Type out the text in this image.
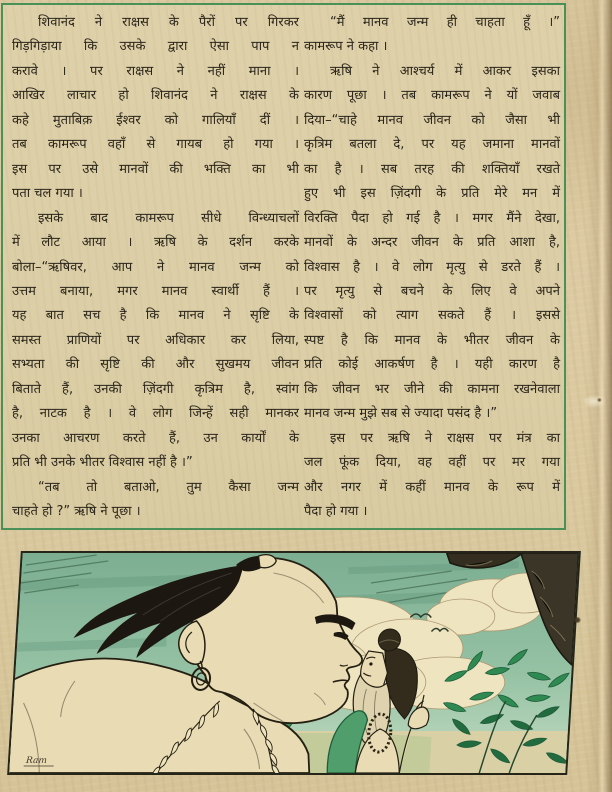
शिवानंद ने राक्षस के पैरों पर गिरकर
गिड़गिड़ाया कि उसके द्वारा ऐसा पाप न
करावे । पर राक्षस ने नहीं माना ।
आखिर लाचार हो शिवानंद ने राक्षस के
कहे मुताबिक़ ईश्वर को गालियाँ दीं ।
तब कामरूप वहाँ से गायब हो गया ।
इस पर उसे मानवों की भक्ति का भी
पता चल गया ।
इसके बाद कामरूप सीधे विन्ध्याचलों
में लौट आया । ऋषि के दर्शन करके
बोला–“ऋषिवर, आप ने मानव जन्म को
उत्तम बनाया, मगर मानव स्वार्थी हैं ।
यह बात सच है कि मानव ने सृष्टि के
समस्त प्राणियों पर अधिकार कर लिया,
सभ्यता की सृष्टि की और सुखमय जीवन
बिताते हैं, उनकी ज़िंदगी कृत्रिम है, स्वांग
है, नाटक है । वे लोग जिन्हें सही मानकर
उनका आचरण करते हैं, उन कार्यों के
प्रति भी उनके भीतर विश्वास नहीं है ।”
“तब तो बताओ, तुम कैसा जन्म
चाहते हो ?” ऋषि ने पूछा ।
“मैं मानव जन्म ही चाहता हूँ ।”
कामरूप ने कहा ।
ऋषि ने आश्चर्य में आकर इसका
कारण पूछा । तब कामरूप ने यों जवाब
दिया–“चाहे मानव जीवन को जैसा भी
कृत्रिम बतला दे, पर यह जमाना मानवों
का है । सब तरह की शक्तियाँ रखते
हुए भी इस ज़िंदगी के प्रति मेरे मन में
विरक्ति पैदा हो गई है । मगर मैंने देखा,
मानवों के अन्दर जीवन के प्रति आशा है,
विश्वास है । वे लोग मृत्यु से डरते हैं ।
पर मृत्यु से बचने के लिए वे अपने
विश्वासों को त्याग सकते हैं । इससे
स्पष्ट है कि मानव के भीतर जीवन के
प्रति कोई आकर्षण है । यही कारण है
कि जीवन भर जीने की कामना रखनेवाला
मानव जन्म मुझे सब से ज्यादा पसंद है ।”
इस पर ऋषि ने राक्षस पर मंत्र का
जल फूंक दिया, वह वहीं पर मर गया
और नगर में कहीं मानव के रूप में
पैदा हो गया ।
Ram
